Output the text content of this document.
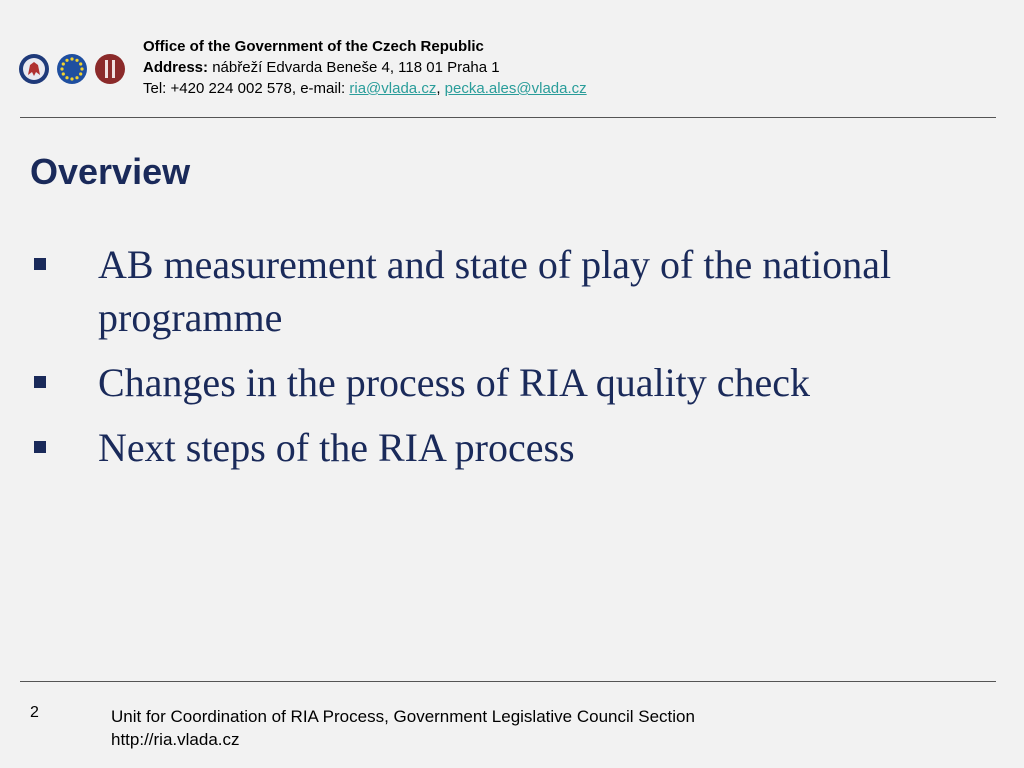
Office of the Government of the Czech Republic
Address: nábřeží Edvarda Beneše 4, 118 01 Praha 1
Tel: +420 224 002 578, e-mail: ria@vlada.cz, pecka.ales@vlada.cz
Overview
AB measurement and state of play of the national programme
Changes in the process of RIA quality check
Next steps of the RIA process
2	Unit for Coordination of RIA Process, Government Legislative Council Section
http://ria.vlada.cz
